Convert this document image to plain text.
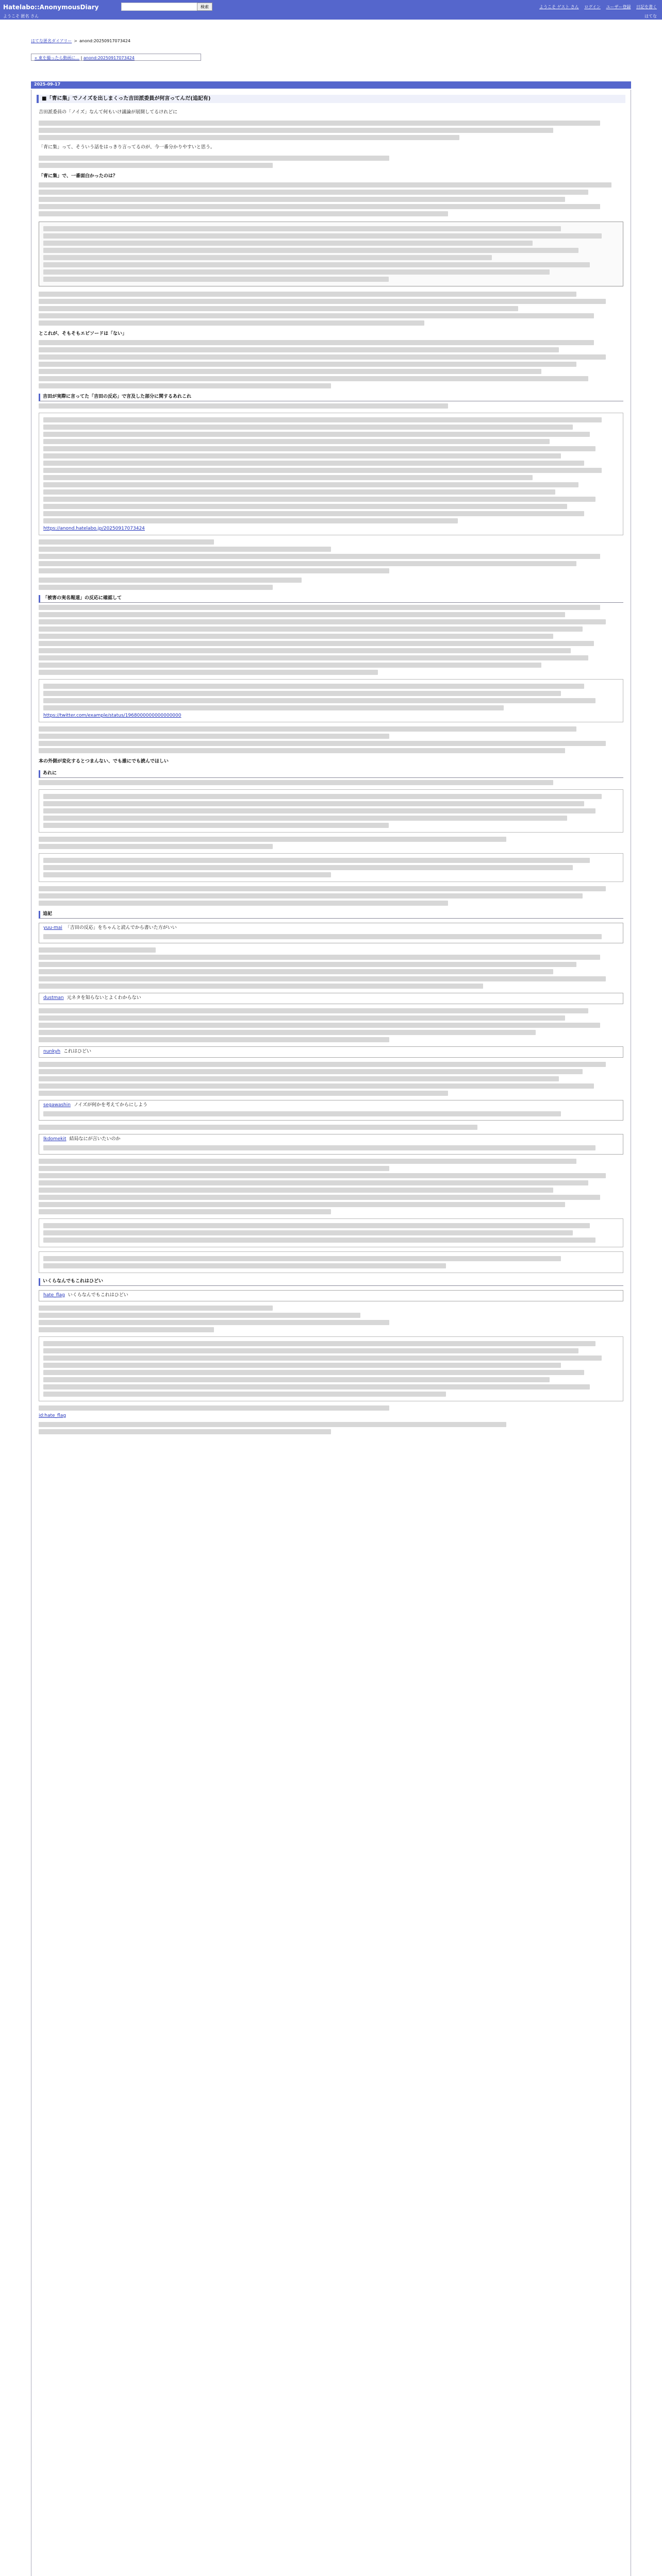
Hatelabo::AnonymousDiary	検索	ようこそ ゲスト さん ログイン ユーザー登録 日記を書く
ようこそ 匿名 さん	はてな
はてな匿名ダイアリー > anond:20250917073424
« 東を撮ったら動画に... | anond:20250917073424
2025-09-17
■「青に集」でノイズを出しまくった吉田派委員が何言ってんだ(追記有)

吉田派委員の「ノイズ」なんて何もいけ議論が展開してるけれどに

「青に集」って、そういう話をはっきり言ってるのが、今一番分かりやすいと思う。

「青に集」で、一番面白かったのは？
とこれが、そもそもエピソードは「ない」
吉田が実際に言ってた「吉田の反応」で言及した部分に関するあれこれ
https://anond.hatelabo.jp/20250917073424
「被害の実名報道」の反応に確認して
https://twitter.com/example/status/1968000000000000000
本の外側が変化するとつまんない、でも誰にでも読んでほしい
あれに
追記
yuu-mai 「吉田の反応」をちゃんと読んでから書いた方がいい
dustman 元ネタを知らないとよくわからない
nunkyh これはひどい
segawashin ノイズが何かを考えてからにしよう
lkdomekit 結局なにが言いたいのか
いくらなんでもこれはひどい
hate_flag いくらなんでもこれはひどい
id:hate_flag
